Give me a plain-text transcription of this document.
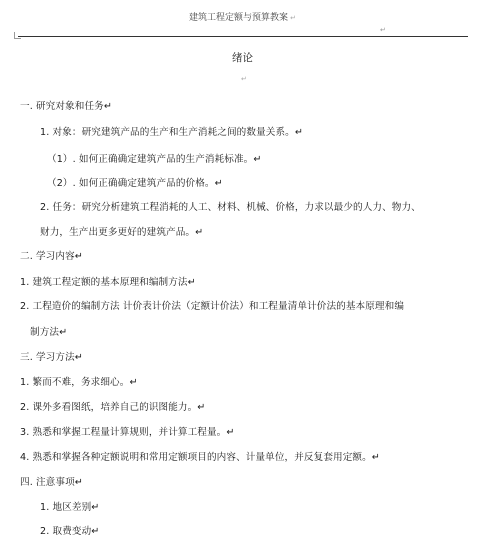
建筑工程定额与预算教案 ↵
↵
绪论
↵
一. 研究对象和任务↵
1. 对象：研究建筑产品的生产和生产消耗之间的数量关系。↵
（1）. 如何正确确定建筑产品的生产消耗标准。↵
（2）. 如何正确确定建筑产品的价格。↵
2. 任务：研究分析建筑工程消耗的人工、材料、机械、价格，力求以最少的人力、物力、
财力，生产出更多更好的建筑产品。↵
二. 学习内容↵
1. 建筑工程定额的基本原理和编制方法↵
2. 工程造价的编制方法 计价表计价法（定额计价法）和工程量清单计价法的基本原理和编
制方法↵
三. 学习方法↵
1. 繁而不难，务求细心。↵
2. 课外多看图纸，培养自己的识图能力。↵
3. 熟悉和掌握工程量计算规则，并计算工程量。↵
4. 熟悉和掌握各种定额说明和常用定额项目的内容、计量单位，并反复套用定额。↵
四. 注意事项↵
1. 地区差别↵
2. 取费变动↵
